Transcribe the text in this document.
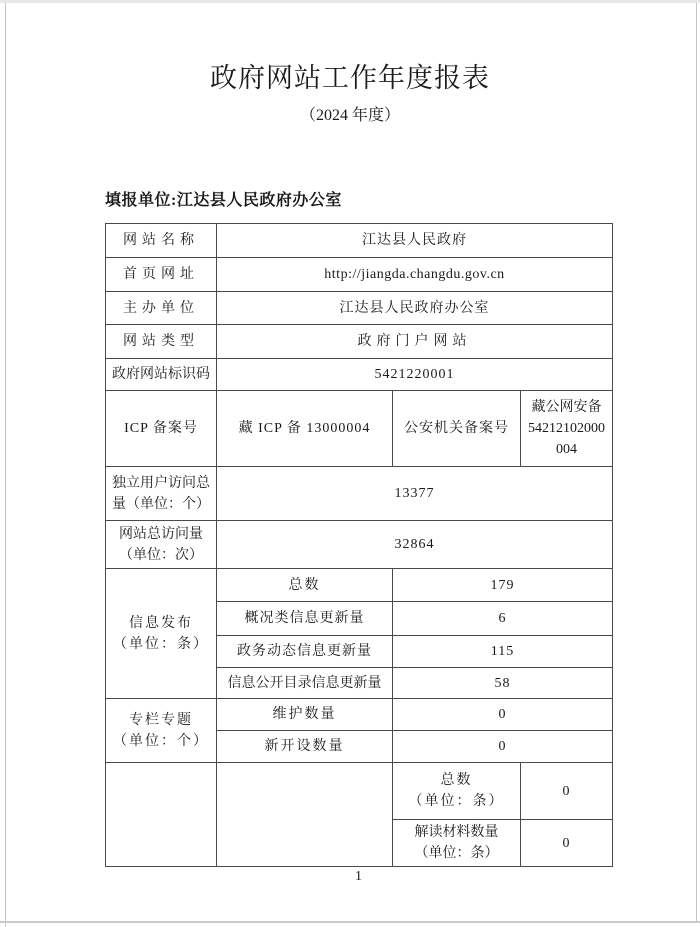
政府网站工作年度报表
（2024 年度）
填报单位:江达县人民政府办公室
网站名称	江达县人民政府		
首页网址	http://jiangda.changdu.gov.cn		
主办单位	江达县人民政府办公室		
网站类型	政府门户网站		
政府网站标识码	5421220001		
ICP 备案号	藏 ICP 备 13000004	公安机关备案号	藏公网安备
54212102000
004

独立用户访问总
量（单位：个）	13377		

网站总访问量
（单位：次）	32864		

信息发布
（单位：条）	总数	179	
	概况类信息更新量	6	
	政务动态信息更新量	115	
	信息公开目录信息更新量	58	

专栏专题
（单位：个）	维护数量	0	
	新开设数量	0	

		总数
（单位：条）	0

		解读材料数量
（单位：条）	0
1
